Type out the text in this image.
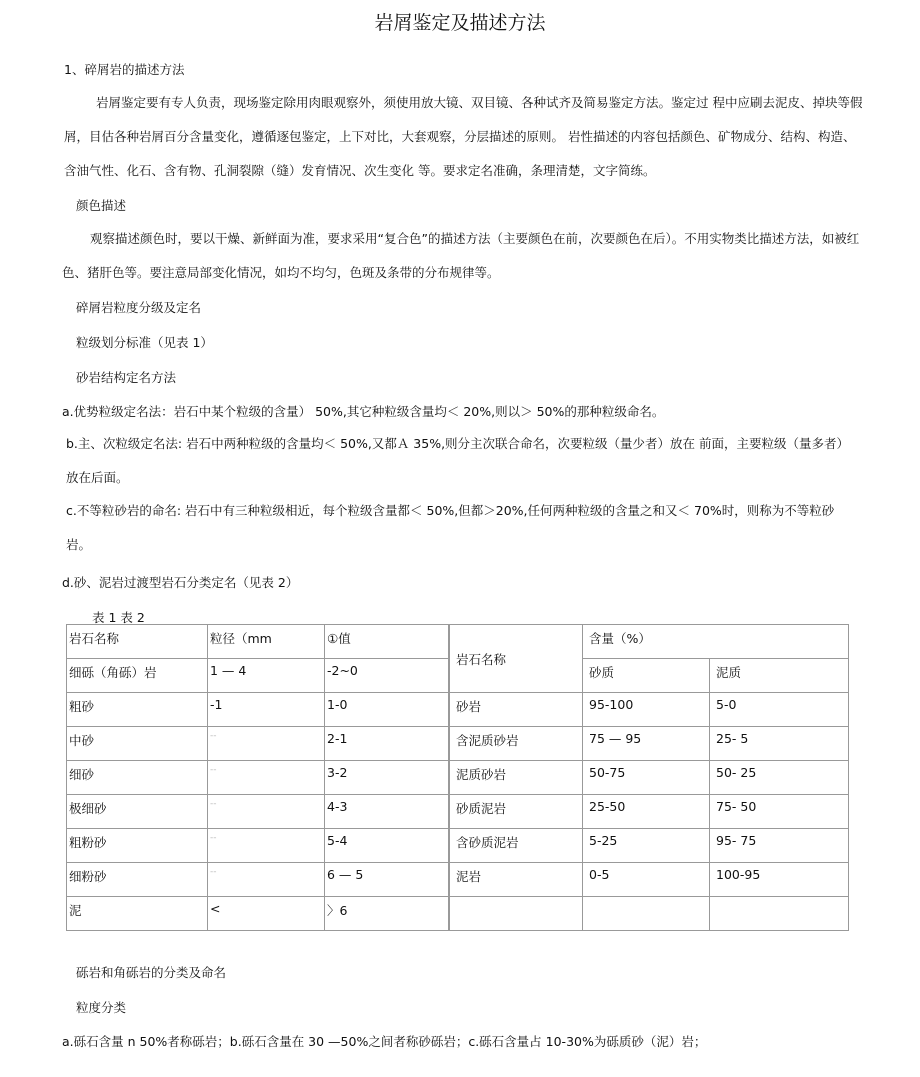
岩屑鉴定及描述方法
1、碎屑岩的描述方法
岩屑鉴定要有专人负责，现场鉴定除用肉眼观察外，须使用放大镜、双目镜、各种试齐及简易鉴定方法。鉴定过 程中应刷去泥皮、掉块等假屑，目估各种岩屑百分含量变化，遵循逐包鉴定，上下对比，大套观察，分层描述的原则。 岩性描述的内容包括颜色、矿物成分、结构、构造、含油气性、化石、含有物、孔洞裂隙（缝）发育情况、次生变化 等。要求定名准确，条理清楚，文字简练。
颜色描述
观察描述颜色时，要以干燥、新鲜面为准，要求采用“复合色”的描述方法（主要颜色在前，次要颜色在后）。不用实物类比描述方法，如被红色、猪肝色等。要注意局部变化情况，如均不均匀，色斑及条带的分布规律等。
碎屑岩粒度分级及定名
粒级划分标准（见表 1）
砂岩结构定名方法
a.优势粒级定名法：岩石中某个粒级的含量） 50%,其它种粒级含量均＜ 20%,则以＞ 50%的那种粒级命名。
b.主、次粒级定名法: 岩石中两种粒级的含量均＜ 50%,又都Ａ 35%,则分主次联合命名，次要粒级（量少者）放在 前面，主要粒级（量多者）放在后面。
c.不等粒砂岩的命名: 岩石中有三种粒级相近，每个粒级含量都＜ 50%,但都＞20%,任何两种粒级的含量之和又＜ 70%时，则称为不等粒砂岩。
d.砂、泥岩过渡型岩石分类定名（见表 2）
表 1 表 2
岩石名称	粒径（mm	①值
细砾（角砾）岩	1 — 4	-2~0
粗砂	-1	1-0
中砂	--	2-1
细砂	--	3-2
极细砂	--	4-3
粗粉砂	--	5-4
细粉砂	--	6 — 5
泥	<	〉6
岩石名称	含量（%）	
	砂质	泥质
砂岩	95-100	5-0
含泥质砂岩	75 — 95	25- 5
泥质砂岩	50-75	50- 25
砂质泥岩	25-50	75- 50
含砂质泥岩	5-25	95- 75
泥岩	0-5	100-95

砾岩和角砾岩的分类及命名
粒度分类
a.砾石含量 n 50%者称砾岩；b.砾石含量在 30 —50%之间者称砂砾岩；c.砾石含量占 10-30%为砾质砂（泥）岩；
